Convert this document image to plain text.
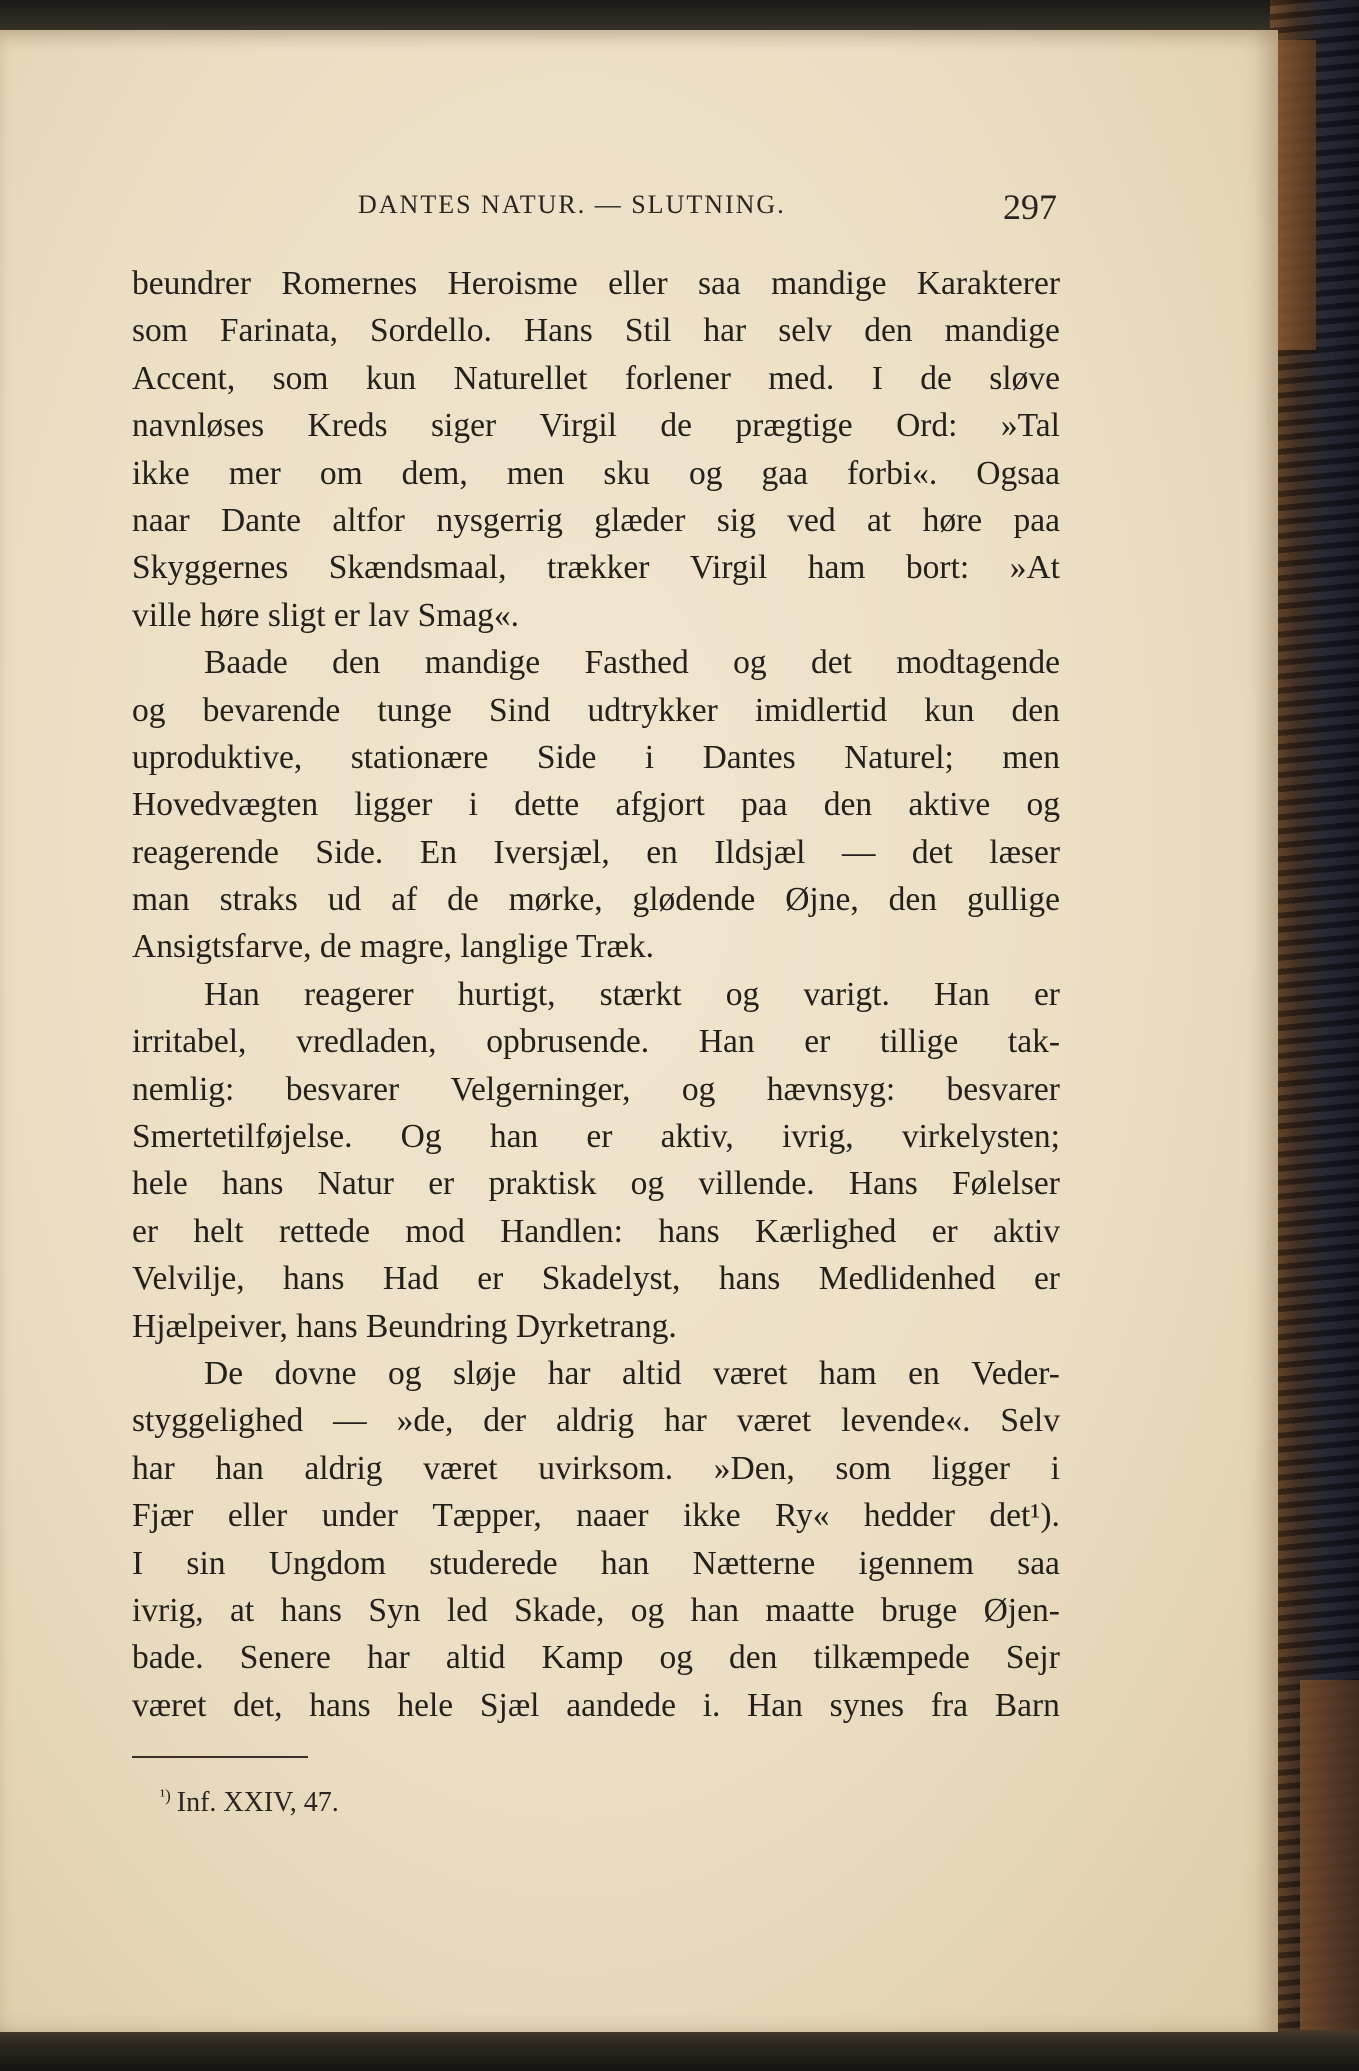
DANTES NATUR. — SLUTNING.	297
beundrer Romernes Heroisme eller saa mandige Karakterer
som Farinata, Sordello. Hans Stil har selv den mandige
Accent, som kun Naturellet forlener med. I de sløve
navnløses Kreds siger Virgil de prægtige Ord: »Tal
ikke mer om dem, men sku og gaa forbi«. Ogsaa
naar Dante altfor nysgerrig glæder sig ved at høre paa
Skyggernes Skændsmaal, trækker Virgil ham bort: »At
ville høre sligt er lav Smag«.
Baade den mandige Fasthed og det modtagende
og bevarende tunge Sind udtrykker imidlertid kun den
uproduktive, stationære Side i Dantes Naturel; men
Hovedvægten ligger i dette afgjort paa den aktive og
reagerende Side. En Iversjæl, en Ildsjæl — det læser
man straks ud af de mørke, glødende Øjne, den gullige
Ansigtsfarve, de magre, langlige Træk.
Han reagerer hurtigt, stærkt og varigt. Han er
irritabel, vredladen, opbrusende. Han er tillige tak-
nemlig: besvarer Velgerninger, og hævnsyg: besvarer
Smertetilføjelse. Og han er aktiv, ivrig, virkelysten;
hele hans Natur er praktisk og villende. Hans Følelser
er helt rettede mod Handlen: hans Kærlighed er aktiv
Velvilje, hans Had er Skadelyst, hans Medlidenhed er
Hjælpeiver, hans Beundring Dyrketrang.
De dovne og sløje har altid været ham en Veder-
styggelighed — »de, der aldrig har været levende«. Selv
har han aldrig været uvirksom. »Den, som ligger i
Fjær eller under Tæpper, naaer ikke Ry« hedder det¹).
I sin Ungdom studerede han Nætterne igennem saa
ivrig, at hans Syn led Skade, og han maatte bruge Øjen-
bade. Senere har altid Kamp og den tilkæmpede Sejr
været det, hans hele Sjæl aandede i. Han synes fra Barn
$^{^1)}$ Inf. XXIV, 47.
